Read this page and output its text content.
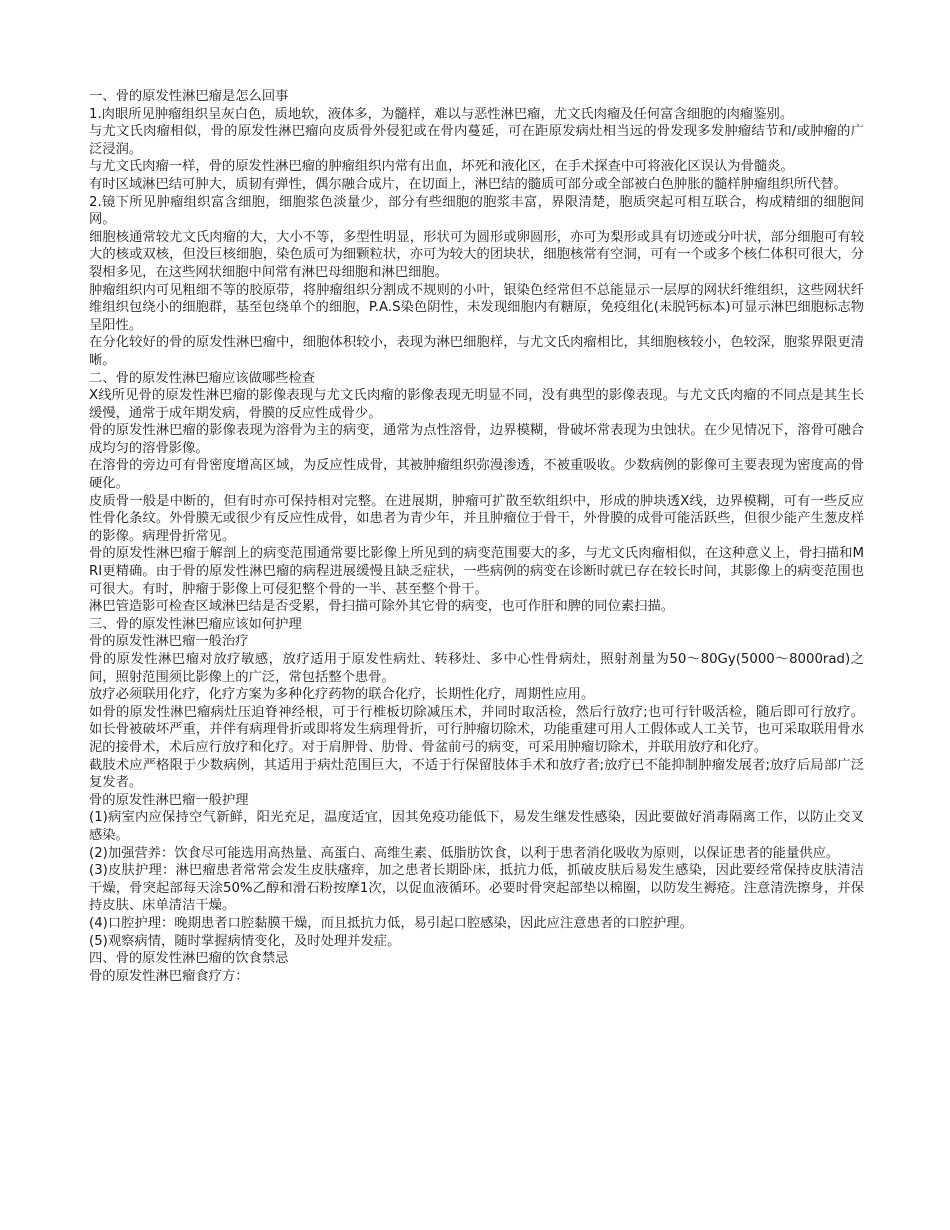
一、骨的原发性淋巴瘤是怎么回事

1.肉眼所见肿瘤组织呈灰白色，质地软，液体多，为髓样，难以与恶性淋巴瘤，尤文氏肉瘤及任何富含细胞的肉瘤鉴别。

与尤文氏肉瘤相似，骨的原发性淋巴瘤向皮质骨外侵犯或在骨内蔓延，可在距原发病灶相当远的骨发现多发肿瘤结节和/或肿瘤的广泛浸润。

与尤文氏肉瘤一样，骨的原发性淋巴瘤的肿瘤组织内常有出血，坏死和液化区，在手术探查中可将液化区误认为骨髓炎。

有时区域淋巴结可肿大，质韧有弹性，偶尔融合成片，在切面上，淋巴结的髓质可部分或全部被白色肿胀的髓样肿瘤组织所代替。

2.镜下所见肿瘤组织富含细胞，细胞浆色淡量少，部分有些细胞的胞浆丰富，界限清楚，胞质突起可相互联合，构成精细的细胞间网。

细胞核通常较尤文氏肉瘤的大，大小不等，多型性明显，形状可为圆形或卵圆形，亦可为梨形或具有切迹或分叶状，部分细胞可有较大的核或双核，但没巨核细胞，染色质可为细颗粒状，亦可为较大的团块状，细胞核常有空洞，可有一个或多个核仁体积可很大，分裂相多见，在这些网状细胞中间常有淋巴母细胞和淋巴细胞。

肿瘤组织内可见粗细不等的胶原带，将肿瘤组织分割成不规则的小叶，银染色经常但不总能显示一层厚的网状纤维组织，这些网状纤维组织包绕小的细胞群，基至包绕单个的细胞，P.A.S染色阴性，未发现细胞内有糖原，免疫组化(未脱钙标本)可显示淋巴细胞标志物呈阳性。

在分化较好的骨的原发性淋巴瘤中，细胞体积较小，表现为淋巴细胞样，与尤文氏肉瘤相比，其细胞核较小，色较深，胞浆界限更清晰。

二、骨的原发性淋巴瘤应该做哪些检查

X线所见骨的原发性淋巴瘤的影像表现与尤文氏肉瘤的影像表现无明显不同，没有典型的影像表现。与尤文氏肉瘤的不同点是其生长缓慢，通常于成年期发病，骨膜的反应性成骨少。

骨的原发性淋巴瘤的影像表现为溶骨为主的病变，通常为点性溶骨，边界模糊，骨破坏常表现为虫蚀状。在少见情况下，溶骨可融合成均匀的溶骨影像。

在溶骨的旁边可有骨密度增高区域，为反应性成骨，其被肿瘤组织弥漫渗透，不被重吸收。少数病例的影像可主要表现为密度高的骨硬化。

皮质骨一般是中断的，但有时亦可保持相对完整。在进展期，肿瘤可扩散至软组织中，形成的肿块透X线，边界模糊，可有一些反应性骨化条纹。外骨膜无或很少有反应性成骨，如患者为青少年，并且肿瘤位于骨干，外骨膜的成骨可能活跃些，但很少能产生葱皮样的影像。病理骨折常见。

骨的原发性淋巴瘤于解剖上的病变范围通常要比影像上所见到的病变范围要大的多，与尤文氏肉瘤相似，在这种意义上，骨扫描和MRI更精确。由于骨的原发性淋巴瘤的病程进展缓慢且缺乏症状，一些病例的病变在诊断时就已存在较长时间，其影像上的病变范围也可很大。有时，肿瘤于影像上可侵犯整个骨的一半、甚至整个骨干。

淋巴管造影可检查区域淋巴结是否受累，骨扫描可除外其它骨的病变，也可作肝和脾的同位素扫描。

三、骨的原发性淋巴瘤应该如何护理

骨的原发性淋巴瘤一般治疗

骨的原发性淋巴瘤对放疗敏感，放疗适用于原发性病灶、转移灶、多中心性骨病灶，照射剂量为50～80Gy(5000～8000rad)之间，照射范围须比影像上的广泛，常包括整个患骨。

放疗必须联用化疗，化疗方案为多种化疗药物的联合化疗，长期性化疗，周期性应用。

如骨的原发性淋巴瘤病灶压迫脊神经根，可于行椎板切除减压术，并同时取活检，然后行放疗;也可行针吸活检，随后即可行放疗。如长骨被破坏严重，并伴有病理骨折或即将发生病理骨折，可行肿瘤切除术，功能重建可用人工假体或人工关节，也可采取联用骨水泥的接骨术，术后应行放疗和化疗。对于肩胛骨、肋骨、骨盆前弓的病变，可采用肿瘤切除术，并联用放疗和化疗。

截肢术应严格限于少数病例，其适用于病灶范围巨大，不适于行保留肢体手术和放疗者;放疗已不能抑制肿瘤发展者;放疗后局部广泛复发者。

骨的原发性淋巴瘤一般护理

(1)病室内应保持空气新鲜，阳光充足，温度适宜，因其免疫功能低下，易发生继发性感染，因此要做好消毒隔离工作，以防止交叉感染。

(2)加强营养：饮食尽可能选用高热量、高蛋白、高维生素、低脂肪饮食，以利于患者消化吸收为原则，以保证患者的能量供应。

(3)皮肤护理：淋巴瘤患者常常会发生皮肤瘙痒，加之患者长期卧床，抵抗力低，抓破皮肤后易发生感染，因此要经常保持皮肤清洁干燥，骨突起部每天涂50%乙醇和滑石粉按摩1次，以促血液循环。必要时骨突起部垫以棉圈，以防发生褥疮。注意清洗擦身，并保持皮肤、床单清洁干燥。

(4)口腔护理：晚期患者口腔黏膜干燥，而且抵抗力低，易引起口腔感染，因此应注意患者的口腔护理。

(5)观察病情，随时掌握病情变化，及时处理并发症。

四、骨的原发性淋巴瘤的饮食禁忌

骨的原发性淋巴瘤食疗方：
